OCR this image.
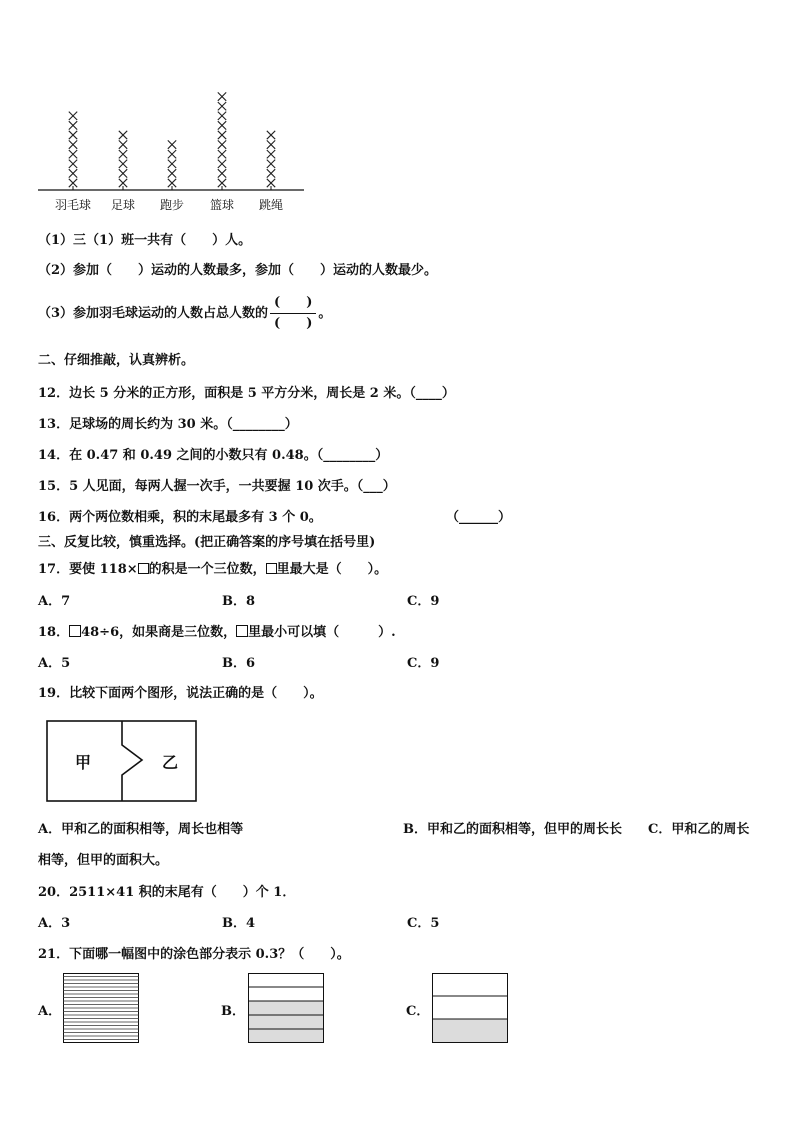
羽毛球 足球 跑步 篮球 跳绳
（1）三（1）班一共有（　　）人。
（2）参加（　　）运动的人数最多，参加（　　）运动的人数最少。
（3）参加羽毛球运动的人数占总人数的 $\frac{( )}{( )}$ 。
二、仔细推敲，认真辨析。
12．边长 5 分米的正方形，面积是 5 平方分米，周长是 2 米。（____）
13．足球场的周长约为 30 米。（________）
14．在 0.47 和 0.49 之间的小数只有 0.48。（________）
15．5 人见面，每两人握一次手，一共要握 10 次手。（___）
16．两个两位数相乘，积的末尾最多有 3 个 0。	（______）
三、反复比较，慎重选择。(把正确答案的序号填在括号里)
17．要使 118× 的积是一个三位数， 里最大是（　　）。
A．7	B．8	C．9
18． 48÷6，如果商是三位数， 里最小可以填（　　　）.
A．5	B．6	C．9
19．比较下面两个图形，说法正确的是（　　）。
甲	乙
A．甲和乙的面积相等，周长也相等	B．甲和乙的面积相等，但甲的周长长 C．甲和乙的周长
相等，但甲的面积大。
20．2511×41 积的末尾有（　　）个 1．
A．3	B．4	C．5
21．下面哪一幅图中的涂色部分表示 0.3？（　　）。
A．	B．	C．
